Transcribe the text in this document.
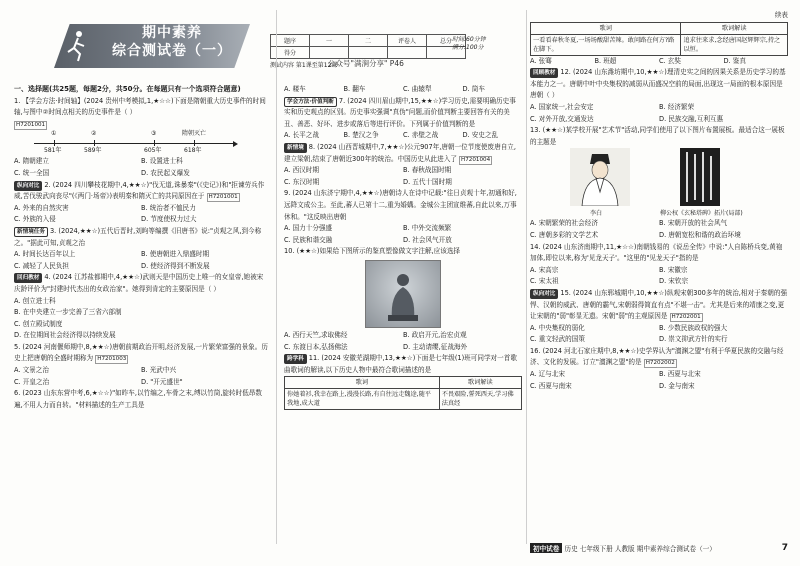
期中素养
综合测试卷（一）
题序	一	二	评卷人	总分
得分				
时间:60分钟
满分:100分
测试内容 第1课至第12课
公众号"满涧分享" P46

一、选择题(共25题，每题2分，共50分。在每题只有一个选项符合题意)

1. 【学会方法·时间轴】(2024 贵州中考模拟,1,★☆☆)下面是隋朝重大历史事件的时间轴,与图中②时间点相关的历史事件是（ ）

H7201001
①	②	③	隋朝灭亡
581年	589年	605年	618年
A. 隋朝建立	B. 设置进士科
C. 统一全国	D. 农民起义爆发

纵向对比 2. (2024 四川攀枝花期中,4,★★☆)"伐无道,诛暴秦"(《史记》)和"拒谏劳兵作威,苦伐骏武向丧尽"(《两门·场帝》)表明秦和隋灭亡的共同原因在于 H7201001

A. 外来的自然灾害	B. 统治者不恤民力
C. 外族的入侵	D. 节度使权力过大

新情境任务 3. (2024,★★☆)五代后晋时,刘昫等编撰《旧唐书》说:"贞观之风,到今称之。"据此可知,贞观之治

A. 时间长达百年以上	B. 使唐朝进入鼎盛时期
C. 减轻了人民负担	D. 使经济得到不断发展

回归教材 4. (2024 江苏盐都期中,4,★★☆)武则天是中国历史上唯一的女皇帝,她被宋庆龄评价为"封建时代杰出的女政治家"。她得到肯定的主要原因是（ ）

A. 创立进士科
B. 在中央建立一步完善了三省六部制
C. 创立殿试制度
D. 在位期间社会经济得以持续发展

5. (2024 河南偃师期中,8,★★☆)唐朝前期政治开明,经济发展,一片繁荣富强的景象。历史上把唐朝的全盛时期称为 H7201003

A. 文景之治	B. 光武中兴
C. 开皇之治	D. "开元盛世"

6. (2023 山东东营中考,6,★☆☆)"如昨车,以竹编之,车骨之末,缚以竹筒,旋转时低昂数遍,不用人力而自转。"材料描述的生产工具是

A. 耧车	B. 翻车	C. 曲辕犁	D. 筒车

学会方法·价值判断 7. (2024 四川眉山期中,15,★★☆)学习历史,需要明确历史事实和历史观点的区别。历史事实强调"真伪"问题,而价值判断主要回答有关的美丑、善恶、好坏、进步或落后等进行评价。下列属于价值判断的是

A. 长平之战	B. 楚汉之争	C. 赤壁之战	D. 安史之乱

新情境 8. (2024 山西晋城期中,7,★★☆)公元907年,唐朝一位节度使废唐自立,建立梁朝,结束了唐朝近300年的统治。中国历史从此进入了 H7201004

A. 西汉时期	B. 春秋战国时期
C. 东汉时期	D. 五代十国时期

9. (2024 山东济宁期中,4,★★☆)唐朝诗人在诗中记载:"往日贞观十年,初通和好,远降文成公主。至此,蕃人已第十二,重为婚媾。金城公主团宣维蕃,自此以来,万事休和。"这反映出唐朝

A. 国力十分强盛	B. 中外交流频繁
C. 民族和谐交融	D. 社会风气开放

10. (★★☆)如果给下图所示的鉴真塑像做文字注解,应该选择

A. 西行天竺,求取佛经	B. 政启开元,治宏贞观
C. 东渡日本,弘扬佛法	D. 主动请缨,征战海外

跨学科 11. (2024 安徽芜湖期中,13,★★☆)下面是七年级(1)班可同学对一首歌曲歌词的解读,以下历史人物中最符合歌词描述的是

歌词	歌词解读
你她着衫,我幸在路上,漫漫长路,有自往远走魏途,随平我地,成大道	不畏艰险,誓死西天,学习佛法真经
续表
歌词	歌词解读
一看看春秋冬夏,一场场酸甜苦辣。敢问路在何方?路在脚下。	追求往来求,念经唐国赵辉辉宗,持之以恒。
A. 张骞	B. 班超	C. 玄奘	D. 鉴真

回顾教材 12. (2024 山东潍坊期中,10,★★☆)理清史实之间的因果关系是历史学习的基本能力之一。唐朝中叶中央集权的减弱从而盛况空前的局面,出现这一局面的根本原因是唐朝（ ）

A. 国家统一,社会安定	B. 经济繁荣
C. 对外开放,交通发达	D. 民族交融,互利互惠

13. (★★☆)某学校开展"艺术节"活动,同学们使用了以下图片布置展板。最适合这一展板的主题是

李白	柳公权《玄秘塔碑》拓片(局部)
A. 宋朝繁荣的社会经济	B. 宋朝开放的社会风气
C. 唐朝多彩的文学艺术	D. 唐朝宽松和谐的政治环境

14. (2024 山东济南期中,11,★☆☆)南朝钱易的《说岳全传》中说:"人自陈桥兵变,黄袍加体,即位以来,称为'见龙天子'。"这里的"见龙天子"指的是

A. 宋高宗	B. 宋徽宗
C. 宋太祖	D. 宋钦宗

纵向对比 15. (2024 山东郓城期中,10,★★☆)纵观宋朝300多年的统治,相对于秦朝的强悍、汉朝的威武、唐朝的霸气,宋朝弱得简直有点"不堪一击"。尤其是后来的靖康之变,更让宋朝的"弱"彰显无遗。宋朝"弱"的主观原因是 H7202001

A. 中央集权的弱化	B. 少数民族政权的强大
C. 重文轻武的国策	D. 崇文抑武方针的实行

16. (2024 河北石家庄期中,8,★★☆)史学界认为"澶渊之盟"有利于华夏民族的交融与经济、文化的发展。订立"澶渊之盟"的是 H7202002

A. 辽与北宋	B. 西夏与北宋
C. 西夏与南宋	D. 金与南宋
初中试卷 历史 七年级下册 人教版 期中素养综合测试卷（一）	7
